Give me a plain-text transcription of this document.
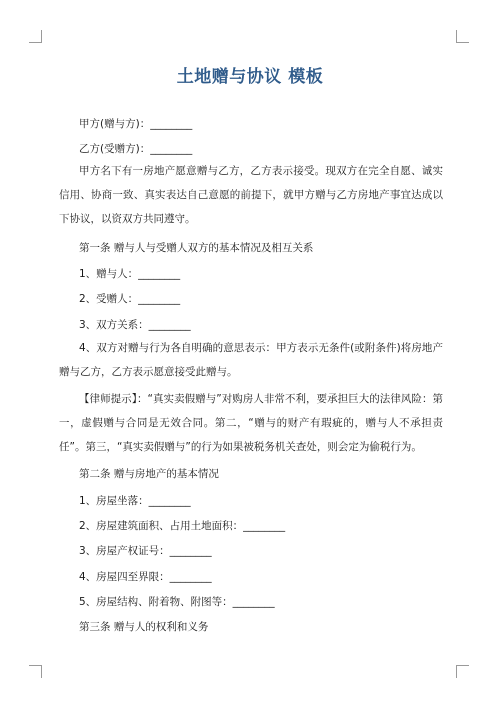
土地赠与协议 模板
甲方(赠与方)：________
乙方(受赠方)：________
甲方名下有一房地产愿意赠与乙方，乙方表示接受。现双方在完全自愿、诚实信用、协商一致、真实表达自己意愿的前提下，就甲方赠与乙方房地产事宜达成以下协议，以资双方共同遵守。
第一条 赠与人与受赠人双方的基本情况及相互关系
1、赠与人：________
2、受赠人：________
3、双方关系：________
4、双方对赠与行为各自明确的意思表示：甲方表示无条件(或附条件)将房地产赠与乙方，乙方表示愿意接受此赠与。
【律师提示】：“真实卖假赠与”对购房人非常不利，要承担巨大的法律风险：第一，虚假赠与合同是无效合同。第二，“赠与的财产有瑕疵的，赠与人不承担责任”。第三，“真实卖假赠与”的行为如果被税务机关查处，则会定为偷税行为。
第二条 赠与房地产的基本情况
1、房屋坐落：________
2、房屋建筑面积、占用土地面积：________
3、房屋产权证号：________
4、房屋四至界限：________
5、房屋结构、附着物、附图等：________
第三条 赠与人的权利和义务
